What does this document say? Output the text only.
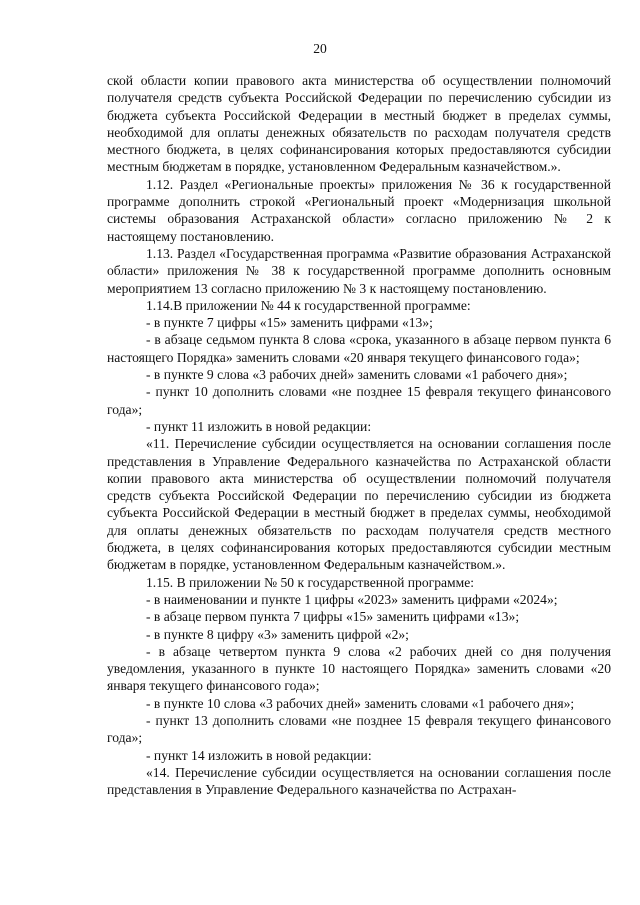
20

ской области копии правового акта министерства об осуществлении полномочий получателя средств субъекта Российской Федерации по перечислению субсидии из бюджета субъекта Российской Федерации в местный бюджет в пределах суммы, необходимой для оплаты денежных обязательств по расходам получателя средств местного бюджета, в целях софинансирования которых предоставляются субсидии местным бюджетам в порядке, установленном Федеральным казначейством.».

1.12. Раздел «Региональные проекты» приложения № 36 к государственной программе дополнить строкой «Региональный проект «Модернизация школьной системы образования Астраханской области» согласно приложению № 2 к настоящему постановлению.

1.13. Раздел «Государственная программа «Развитие образования Астраханской области» приложения № 38 к государственной программе дополнить основным мероприятием 13 согласно приложению № 3 к настоящему постановлению.

1.14.В приложении № 44 к государственной программе:

- в пункте 7 цифры «15» заменить цифрами «13»;

- в абзаце седьмом пункта 8 слова «срока, указанного в абзаце первом пункта 6 настоящего Порядка» заменить словами «20 января текущего финансового года»;

- в пункте 9 слова «3 рабочих дней» заменить словами «1 рабочего дня»;

- пункт 10 дополнить словами «не позднее 15 февраля текущего финансового года»;

- пункт 11 изложить в новой редакции:

«11. Перечисление субсидии осуществляется на основании соглашения после представления в Управление Федерального казначейства по Астраханской области копии правового акта министерства об осуществлении полномочий получателя средств субъекта Российской Федерации по перечислению субсидии из бюджета субъекта Российской Федерации в местный бюджет в пределах суммы, необходимой для оплаты денежных обязательств по расходам получателя средств местного бюджета, в целях софинансирования которых предоставляются субсидии местным бюджетам в порядке, установленном Федеральным казначейством.».

1.15. В приложении № 50 к государственной программе:

- в наименовании и пункте 1 цифры «2023» заменить цифрами «2024»;

- в абзаце первом пункта 7 цифры «15» заменить цифрами «13»;

- в пункте 8 цифру «3» заменить цифрой «2»;

- в абзаце четвертом пункта 9 слова «2 рабочих дней со дня получения уведомления, указанного в пункте 10 настоящего Порядка» заменить словами «20 января текущего финансового года»;

- в пункте 10 слова «3 рабочих дней» заменить словами «1 рабочего дня»;

- пункт 13 дополнить словами «не позднее 15 февраля текущего финансового года»;

- пункт 14 изложить в новой редакции:

«14. Перечисление субсидии осуществляется на основании соглашения после представления в Управление Федерального казначейства по Астрахан-
